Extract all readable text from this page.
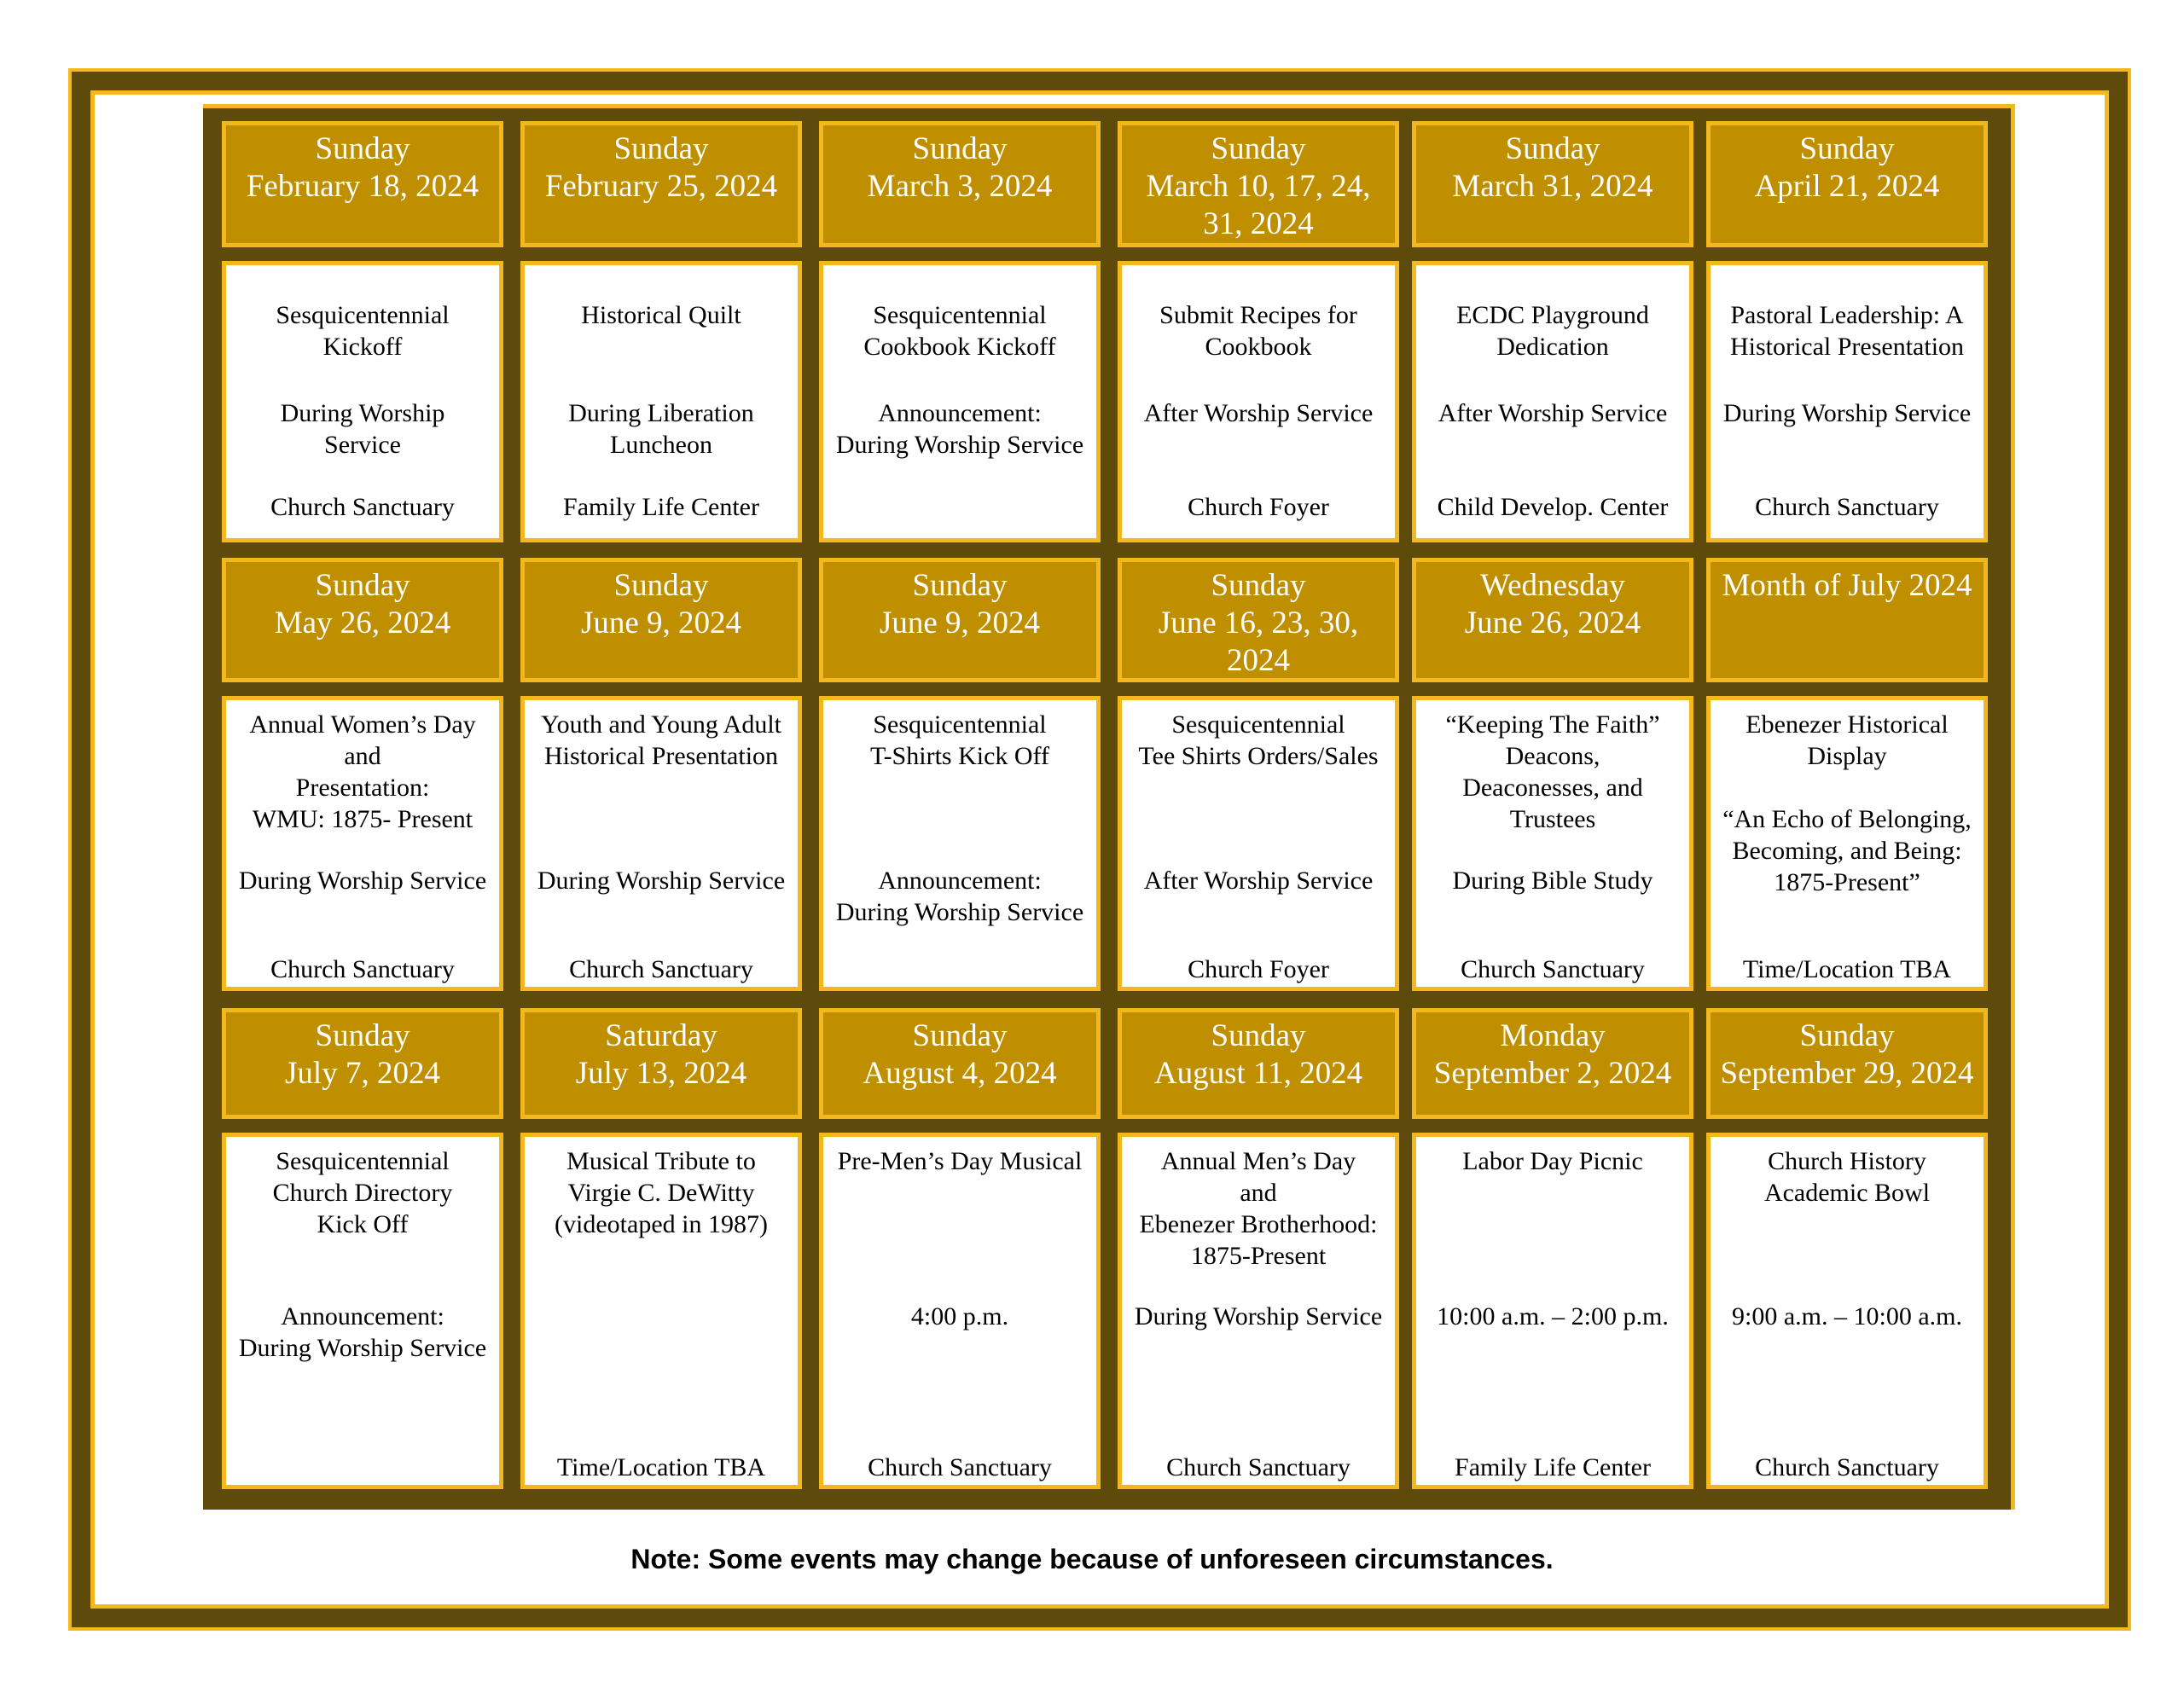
Note: Some events may change because of unforeseen circumstances.
Sunday
February 18, 2024
Sesquicentennial
Kickoff
During Worship
Service
Church Sanctuary
Sunday
February 25, 2024
Historical Quilt
During Liberation
Luncheon
Family Life Center
Sunday
March 3, 2024
Sesquicentennial
Cookbook Kickoff
Announcement:
During Worship Service
Sunday
March 10, 17, 24,
31, 2024
Submit Recipes for
Cookbook
After Worship Service
Church Foyer
Sunday
March 31, 2024
ECDC Playground
Dedication
After Worship Service
Child Develop. Center
Sunday
April 21, 2024
Pastoral Leadership: A
Historical Presentation
During Worship Service
Church Sanctuary
Sunday
May 26, 2024
Annual Women’s Day
and
Presentation:
WMU: 1875- Present
During Worship Service
Church Sanctuary
Sunday
June 9, 2024
Youth and Young Adult
Historical Presentation
During Worship Service
Church Sanctuary
Sunday
June 9, 2024
Sesquicentennial
T-Shirts Kick Off
Announcement:
During Worship Service
Sunday
June 16, 23, 30,
2024
Sesquicentennial
Tee Shirts Orders/Sales
After Worship Service
Church Foyer
Wednesday
June 26, 2024
“Keeping The Faith”
Deacons,
Deaconesses, and
Trustees
During Bible Study
Church Sanctuary
Month of July 2024
Ebenezer Historical
Display

“An Echo of Belonging,
Becoming, and Being:
1875-Present”
Time/Location TBA
Sunday
July 7, 2024
Sesquicentennial
Church Directory
Kick Off
Announcement:
During Worship Service
Saturday
July 13, 2024
Musical Tribute to
Virgie C. DeWitty
(videotaped in 1987)
Time/Location TBA
Sunday
August 4, 2024
Pre-Men’s Day Musical
4:00 p.m.
Church Sanctuary
Sunday
August 11, 2024
Annual Men’s Day
and
Ebenezer Brotherhood:
1875-Present
During Worship Service
Church Sanctuary
Monday
September 2, 2024
Labor Day Picnic
10:00 a.m. – 2:00 p.m.
Family Life Center
Sunday
September 29, 2024
Church History
Academic Bowl
9:00 a.m. – 10:00 a.m.
Church Sanctuary
